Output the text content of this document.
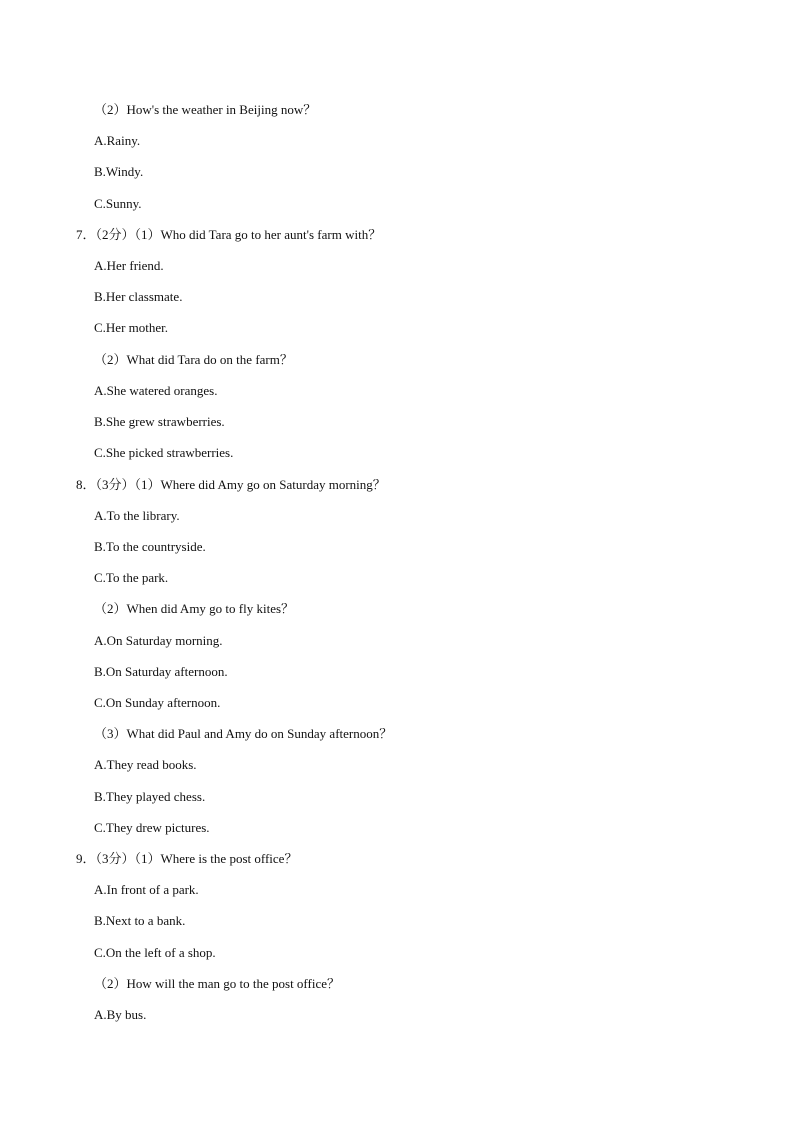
（2）How's the weather in Beijing now？
A.Rainy.
B.Windy.
C.Sunny.
7．（2分）（1）Who did Tara go to her aunt's farm with？
A.Her friend.
B.Her classmate.
C.Her mother.
（2）What did Tara do on the farm？
A.She watered oranges.
B.She grew strawberries.
C.She picked strawberries.
8．（3分）（1）Where did Amy go on Saturday morning？
A.To the library.
B.To the countryside.
C.To the park.
（2）When did Amy go to fly kites？
A.On Saturday morning.
B.On Saturday afternoon.
C.On Sunday afternoon.
（3）What did Paul and Amy do on Sunday afternoon？
A.They read books.
B.They played chess.
C.They drew pictures.
9．（3分）（1）Where is the post office？
A.In front of a park.
B.Next to a bank.
C.On the left of a shop.
（2）How will the man go to the post office？
A.By bus.
